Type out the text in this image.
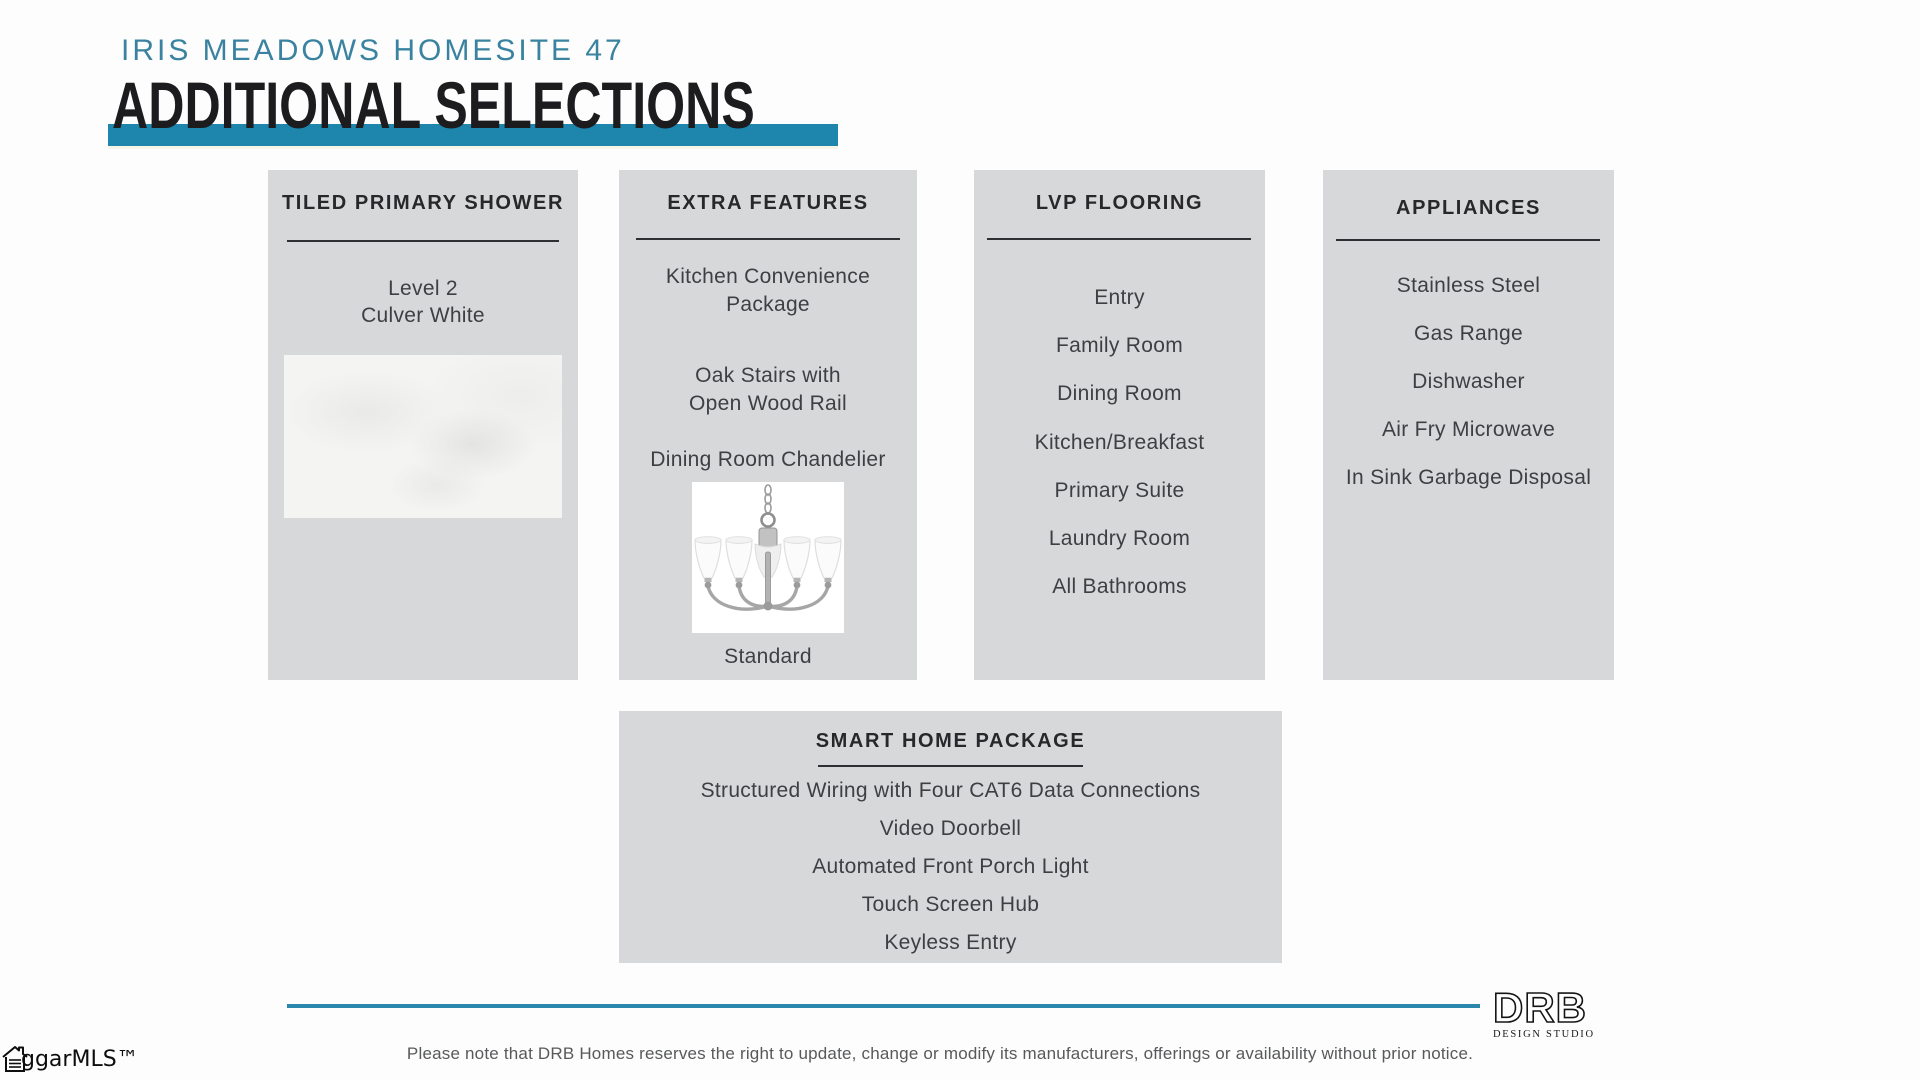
IRIS MEADOWS HOMESITE 47
ADDITIONAL SELECTIONS
TILED PRIMARY SHOWER
Level 2
Culver White
EXTRA FEATURES
Kitchen Convenience
Package
Oak Stairs with
Open Wood Rail
Dining Room Chandelier
Standard
LVP FLOORING
Entry
Family Room
Dining Room
Kitchen/Breakfast
Primary Suite
Laundry Room
All Bathrooms
APPLIANCES
Stainless Steel
Gas Range
Dishwasher
Air Fry Microwave
In Sink Garbage Disposal
SMART HOME PACKAGE
Structured Wiring with Four CAT6 Data Connections
Video Doorbell
Automated Front Porch Light
Touch Screen Hub
Keyless Entry
Please note that DRB Homes reserves the right to update, change or modify its manufacturers, offerings or availability without prior notice.
DRB
DESIGN STUDIO
ggarMLS™
